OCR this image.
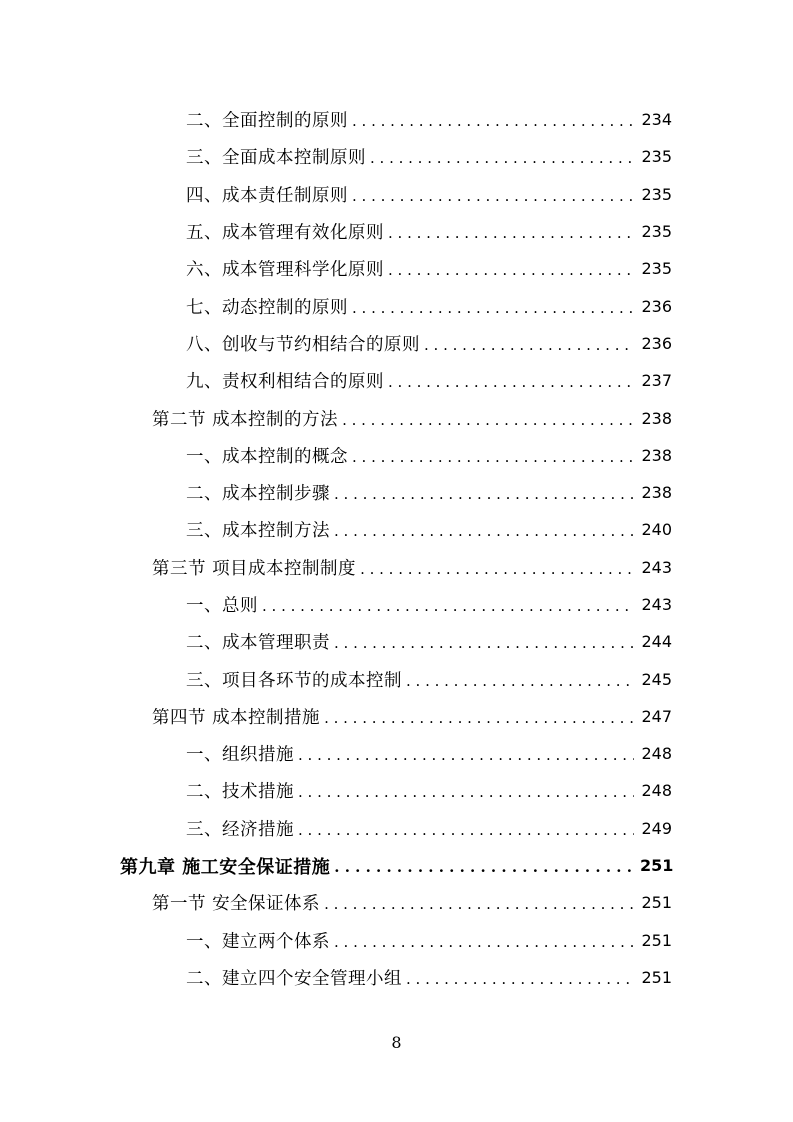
二、全面控制的原则 . . .	234
三、全面成本控制原则 . . .	235
四、成本责任制原则 . . .	235
五、成本管理有效化原则 . . .	235
六、成本管理科学化原则 . . .	235
七、动态控制的原则 . . .	236
八、创收与节约相结合的原则 . . .	236
九、责权利相结合的原则 . . .	237
第二节 成本控制的方法 . . .	238
一、成本控制的概念 . . .	238
二、成本控制步骤 . . .	238
三、成本控制方法 . . .	240
第三节 项目成本控制制度 . . .	243
一、总则 . . .	243
二、成本管理职责 . . .	244
三、项目各环节的成本控制 . . .	245
第四节 成本控制措施 . . .	247
一、组织措施 . . .	248
二、技术措施 . . .	248
三、经济措施 . . .	249
第九章 施工安全保证措施 . . .	251
第一节 安全保证体系 . . .	251
一、建立两个体系 . . .	251
二、建立四个安全管理小组 . . .	251
8
